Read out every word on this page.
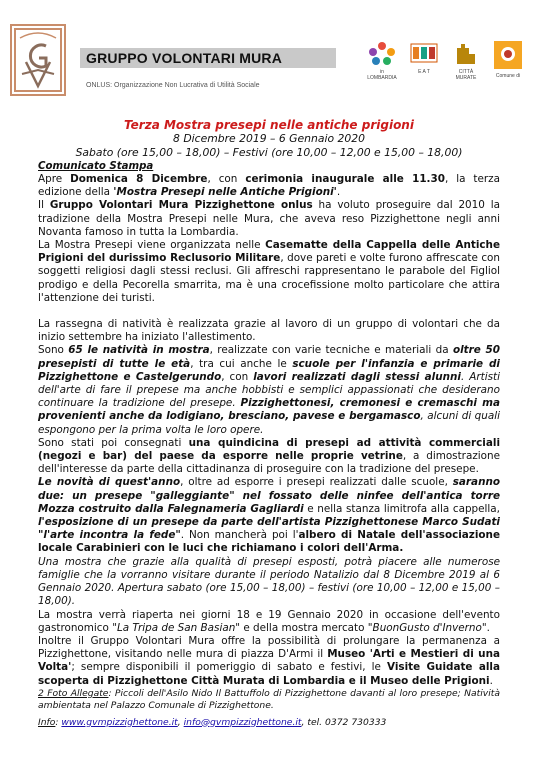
GRUPPO VOLONTARI MURA
ONLUS: Organizzazione Non Lucrativa di Utilità Sociale
in LOMBARDIA
E A T	CITTÀ MURATE	Comune di
Terza Mostra presepi nelle antiche prigioni
8 Dicembre 2019 – 6 Gennaio 2020
Sabato (ore 15,00 – 18,00) – Festivi (ore 10,00 – 12,00 e 15,00 – 18,00)
Comunicato Stampa

Apre Domenica 8 Dicembre, con cerimonia inaugurale alle 11.30, la terza edizione della 'Mostra Presepi nelle Antiche Prigioni'.

Il Gruppo Volontari Mura Pizzighettone onlus ha voluto proseguire dal 2010 la tradizione della Mostra Presepi nelle Mura, che aveva reso Pizzighettone negli anni Novanta famoso in tutta la Lombardia.

La Mostra Presepi viene organizzata nelle Casematte della Cappella delle Antiche Prigioni del durissimo Reclusorio Militare, dove pareti e volte furono affrescate con soggetti religiosi dagli stessi reclusi. Gli affreschi rappresentano le parabole del Figliol prodigo e della Pecorella smarrita, ma è una crocefissione molto particolare che attira l'attenzione dei turisti.

La rassegna di natività è realizzata grazie al lavoro di un gruppo di volontari che da inizio settembre ha iniziato l'allestimento.

Sono 65 le natività in mostra, realizzate con varie tecniche e materiali da oltre 50 presepisti di tutte le età, tra cui anche le scuole per l'infanzia e primarie di Pizzighettone e Castelgerundo, con lavori realizzati dagli stessi alunni. Artisti dell'arte di fare il prepese ma anche hobbisti e semplici appassionati che desiderano continuare la tradizione del presepe. Pizzighettonesi, cremonesi e cremaschi ma provenienti anche da lodigiano, bresciano, pavese e bergamasco, alcuni di quali espongono per la prima volta le loro opere.

Sono stati poi consegnati una quindicina di presepi ad attività commerciali (negozi e bar) del paese da esporre nelle proprie vetrine, a dimostrazione dell'interesse da parte della cittadinanza di proseguire con la tradizione del presepe.

Le novità di quest'anno, oltre ad esporre i presepi realizzati dalle scuole, saranno due: un presepe "galleggiante" nel fossato delle ninfee dell'antica torre Mozza costruito dalla Falegnameria Gagliardi e nella stanza limitrofa alla cappella, l'esposizione di un presepe da parte dell'artista Pizzighettonese Marco Sudati "l'arte incontra la fede". Non mancherà poi l'albero di Natale dell'associazione locale Carabinieri con le luci che richiamano i colori dell'Arma.

Una mostra che grazie alla qualità di presepi esposti, potrà piacere alle numerose famiglie che la vorranno visitare durante il periodo Natalizio dal 8 Dicembre 2019 al 6 Gennaio 2020. Apertura sabato (ore 15,00 – 18,00) – festivi (ore 10,00 – 12,00 e 15,00 – 18,00).

La mostra verrà riaperta nei giorni 18 e 19 Gennaio 2020 in occasione dell'evento gastronomico "La Tripa de San Basian" e della mostra mercato "BuonGusto d'Inverno".

Inoltre il Gruppo Volontari Mura offre la possibilità di prolungare la permanenza a Pizzighettone, visitando nelle mura di piazza D'Armi il Museo 'Arti e Mestieri di una Volta'; sempre disponibili il pomeriggio di sabato e festivi, le Visite Guidate alla scoperta di Pizzighettone Città Murata di Lombardia e il Museo delle Prigioni.

2 Foto Allegate: Piccoli dell'Asilo Nido Il Battuffolo di Pizzighettone davanti al loro presepe; Natività ambientata nel Palazzo Comunale di Pizzighettone.

Info: www.gvmpizzighettone.it, info@gvmpizzighettone.it, tel. 0372 730333
